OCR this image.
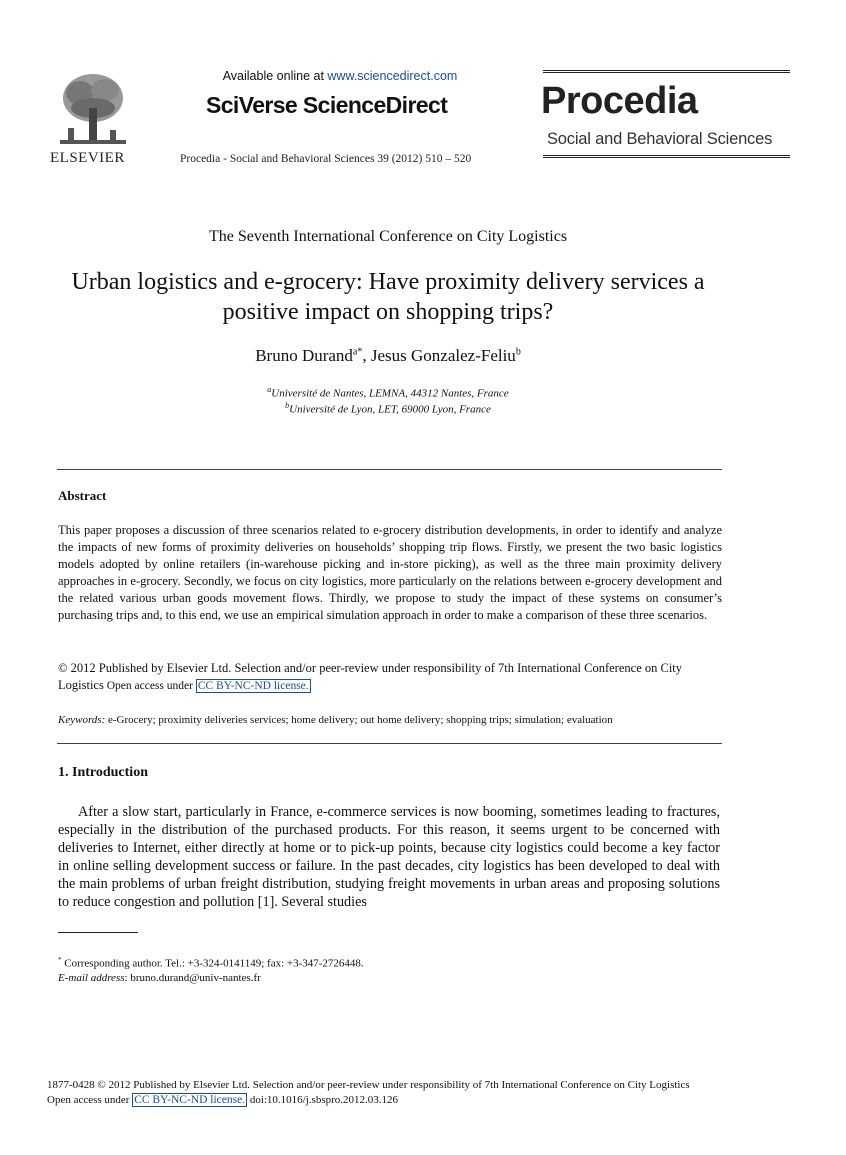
ELSEVIER
Available online at www.sciencedirect.com
SciVerse ScienceDirect
Procedia - Social and Behavioral Sciences 39 (2012) 510 – 520
Procedia
Social and Behavioral Sciences
The Seventh International Conference on City Logistics
Urban logistics and e-grocery: Have proximity delivery services a positive impact on shopping trips?
Bruno Durand$^{a*}$, Jesus Gonzalez-Feliu$^b$
$^a$Université de Nantes, LEMNA, 44312 Nantes, France
$^b$Université de Lyon, LET, 69000 Lyon, France
Abstract
This paper proposes a discussion of three scenarios related to e-grocery distribution developments, in order to identify and analyze the impacts of new forms of proximity deliveries on households’ shopping trip flows. Firstly, we present the two basic logistics models adopted by online retailers (in-warehouse picking and in-store picking), as well as the three main proximity delivery approaches in e-grocery. Secondly, we focus on city logistics, more particularly on the relations between e-grocery development and the related various urban goods movement flows. Thirdly, we propose to study the impact of these systems on consumer’s purchasing trips and, to this end, we use an empirical simulation approach in order to make a comparison of these three scenarios.
© 2012 Published by Elsevier Ltd. Selection and/or peer-review under responsibility of 7th International Conference on City Logistics Open access under CC BY-NC-ND license.
Keywords: e-Grocery; proximity deliveries services; home delivery; out home delivery; shopping trips; simulation; evaluation
1. Introduction
After a slow start, particularly in France, e-commerce services is now booming, sometimes leading to fractures, especially in the distribution of the purchased products. For this reason, it seems urgent to be concerned with deliveries to Internet, either directly at home or to pick-up points, because city logistics could become a key factor in online selling development success or failure. In the past decades, city logistics has been developed to deal with the main problems of urban freight distribution, studying freight movements in urban areas and proposing solutions to reduce congestion and pollution [1]. Several studies
* Corresponding author. Tel.: +3-324-0141149; fax: +3-347-2726448.
E-mail address: bruno.durand@univ-nantes.fr
1877-0428 © 2012 Published by Elsevier Ltd. Selection and/or peer-review under responsibility of 7th International Conference on City Logistics
Open access under CC BY-NC-ND license. doi:10.1016/j.sbspro.2012.03.126
